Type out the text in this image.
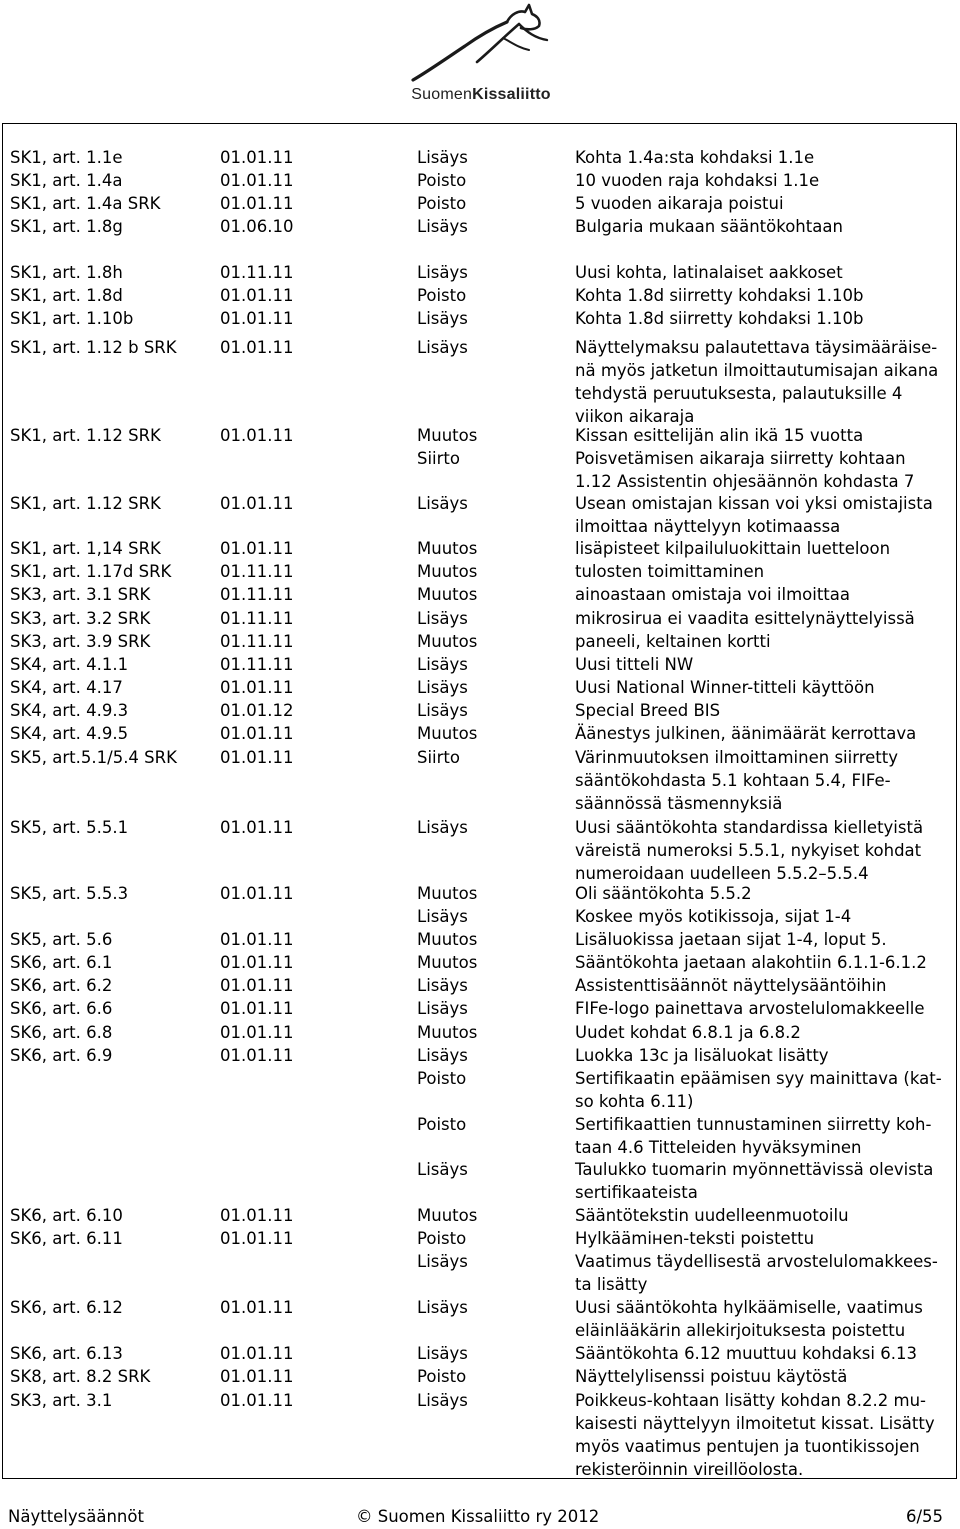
SuomenKissaliitto
SK1, art. 1.1e	01.01.11	Lisäys	Kohta 1.4a:sta kohdaksi 1.1e
SK1, art. 1.4a	01.01.11	Poisto	10 vuoden raja kohdaksi 1.1e
SK1, art. 1.4a SRK	01.01.11	Poisto	5 vuoden aikaraja poistui
SK1, art. 1.8g	01.06.10	Lisäys	Bulgaria mukaan sääntökohtaan
SK1, art. 1.8h	01.11.11	Lisäys	Uusi kohta, latinalaiset aakkoset
SK1, art. 1.8d	01.01.11	Poisto	Kohta 1.8d siirretty kohdaksi 1.10b
SK1, art. 1.10b	01.01.11	Lisäys	Kohta 1.8d siirretty kohdaksi 1.10b
SK1, art. 1.12 b SRK	01.01.11	Lisäys	Näyttelymaksu palautettava täysimääräise-
nä myös jatketun ilmoittautumisajan aikana
tehdystä peruutuksesta, palautuksille 4
viikon aikaraja
SK1, art. 1.12 SRK	01.01.11	Muutos	Kissan esittelijän alin ikä 15 vuotta
Siirto	Poisvetämisen aikaraja siirretty kohtaan
1.12 Assistentin ohjesäännön kohdasta 7
SK1, art. 1.12 SRK	01.01.11	Lisäys	Usean omistajan kissan voi yksi omistajista
ilmoittaa näyttelyyn kotimaassa
SK1, art. 1,14 SRK	01.01.11	Muutos	lisäpisteet kilpailuluokittain luetteloon
SK1, art. 1.17d SRK	01.11.11	Muutos	tulosten toimittaminen
SK3, art. 3.1 SRK	01.11.11	Muutos	ainoastaan omistaja voi ilmoittaa
SK3, art. 3.2 SRK	01.11.11	Lisäys	mikrosirua ei vaadita esittelynäyttelyissä
SK3, art. 3.9 SRK	01.11.11	Muutos	paneeli, keltainen kortti
SK4, art. 4.1.1	01.11.11	Lisäys	Uusi titteli NW
SK4, art. 4.17	01.01.11	Lisäys	Uusi National Winner-titteli käyttöön
SK4, art. 4.9.3	01.01.12	Lisäys	Special Breed BIS
SK4, art. 4.9.5	01.01.11	Muutos	Äänestys julkinen, äänimäärät kerrottava
SK5, art.5.1/5.4 SRK	01.01.11	Siirto	Värinmuutoksen ilmoittaminen siirretty
sääntökohdasta 5.1 kohtaan 5.4, FIFe-
säännössä täsmennyksiä
SK5, art. 5.5.1	01.01.11	Lisäys	Uusi sääntökohta standardissa kielletyistä
väreistä numeroksi 5.5.1, nykyiset kohdat
numeroidaan uudelleen 5.5.2–5.5.4
SK5, art. 5.5.3	01.01.11	Muutos	Oli sääntökohta 5.5.2
Lisäys	Koskee myös kotikissoja, sijat 1-4
SK5, art. 5.6	01.01.11	Muutos	Lisäluokissa jaetaan sijat 1-4, loput 5.
SK6, art. 6.1	01.01.11	Muutos	Sääntökohta jaetaan alakohtiin 6.1.1-6.1.2
SK6, art. 6.2	01.01.11	Lisäys	Assistenttisäännöt näyttelysääntöihin
SK6, art. 6.6	01.01.11	Lisäys	FIFe-logo painettava arvostelulomakkeelle
SK6, art. 6.8	01.01.11	Muutos	Uudet kohdat 6.8.1 ja 6.8.2
SK6, art. 6.9	01.01.11	Lisäys	Luokka 13c ja lisäluokat lisätty
Poisto	Sertifikaatin epäämisen syy mainittava (kat-
so kohta 6.11)
Poisto	Sertifikaattien tunnustaminen siirretty koh-
taan 4.6 Titteleiden hyväksyminen
Lisäys	Taulukko tuomarin myönnettävissä olevista
sertifikaateista
SK6, art. 6.10	01.01.11	Muutos	Sääntötekstin uudelleenmuotoilu
SK6, art. 6.11	01.01.11	Poisto	Hylkäämінen-teksti poistettu
Lisäys	Vaatimus täydellisestä arvostelulomakkees-
ta lisätty
SK6, art. 6.12	01.01.11	Lisäys	Uusi sääntökohta hylkäämiselle, vaatimus
eläinlääkärin allekirjoituksesta poistettu
SK6, art. 6.13	01.01.11	Lisäys	Sääntökohta 6.12 muuttuu kohdaksi 6.13
SK8, art. 8.2 SRK	01.01.11	Poisto	Näyttelylisenssi poistuu käytöstä
SK3, art. 3.1	01.01.11	Lisäys	Poikkeus-kohtaan lisätty kohdan 8.2.2 mu-
kaisesti näyttelyyn ilmoitetut kissat. Lisätty
myös vaatimus pentujen ja tuontikissojen
rekisteröinnin vireillöolosta.
Näyttelysäännöt	© Suomen Kissaliitto ry 2012	6/55
